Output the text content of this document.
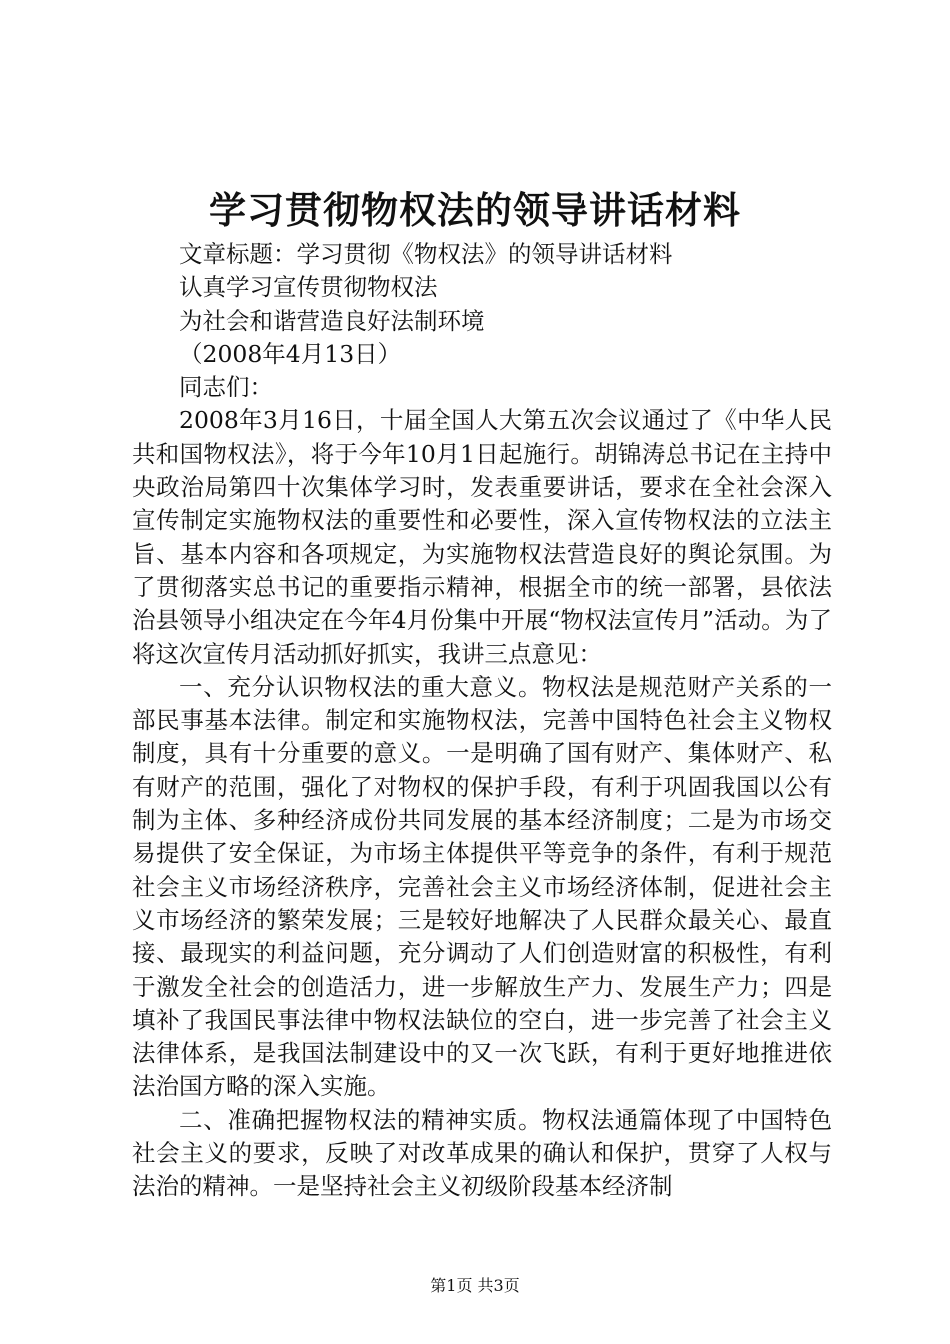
学习贯彻物权法的领导讲话材料
文章标题：学习贯彻《物权法》的领导讲话材料
认真学习宣传贯彻物权法
为社会和谐营造良好法制环境
（2008年4月13日）
同志们：

2008年3月16日，十届全国人大第五次会议通过了《中华人民共和国物权法》，将于今年10月1日起施行。胡锦涛总书记在主持中央政治局第四十次集体学习时，发表重要讲话，要求在全社会深入宣传制定实施物权法的重要性和必要性，深入宣传物权法的立法主旨、基本内容和各项规定，为实施物权法营造良好的舆论氛围。为了贯彻落实总书记的重要指示精神，根据全市的统一部署，县依法治县领导小组决定在今年4月份集中开展“物权法宣传月”活动。为了将这次宣传月活动抓好抓实，我讲三点意见：

一、充分认识物权法的重大意义。物权法是规范财产关系的一部民事基本法律。制定和实施物权法，完善中国特色社会主义物权制度，具有十分重要的意义。一是明确了国有财产、集体财产、私有财产的范围，强化了对物权的保护手段，有利于巩固我国以公有制为主体、多种经济成份共同发展的基本经济制度；二是为市场交易提供了安全保证，为市场主体提供平等竞争的条件，有利于规范社会主义市场经济秩序，完善社会主义市场经济体制，促进社会主义市场经济的繁荣发展；三是较好地解决了人民群众最关心、最直接、最现实的利益问题，充分调动了人们创造财富的积极性，有利于激发全社会的创造活力，进一步解放生产力、发展生产力；四是填补了我国民事法律中物权法缺位的空白，进一步完善了社会主义法律体系，是我国法制建设中的又一次飞跃，有利于更好地推进依法治国方略的深入实施。

二、准确把握物权法的精神实质。物权法通篇体现了中国特色社会主义的要求，反映了对改革成果的确认和保护，贯穿了人权与法治的精神。一是坚持社会主义初级阶段基本经济制

第1页 共3页
